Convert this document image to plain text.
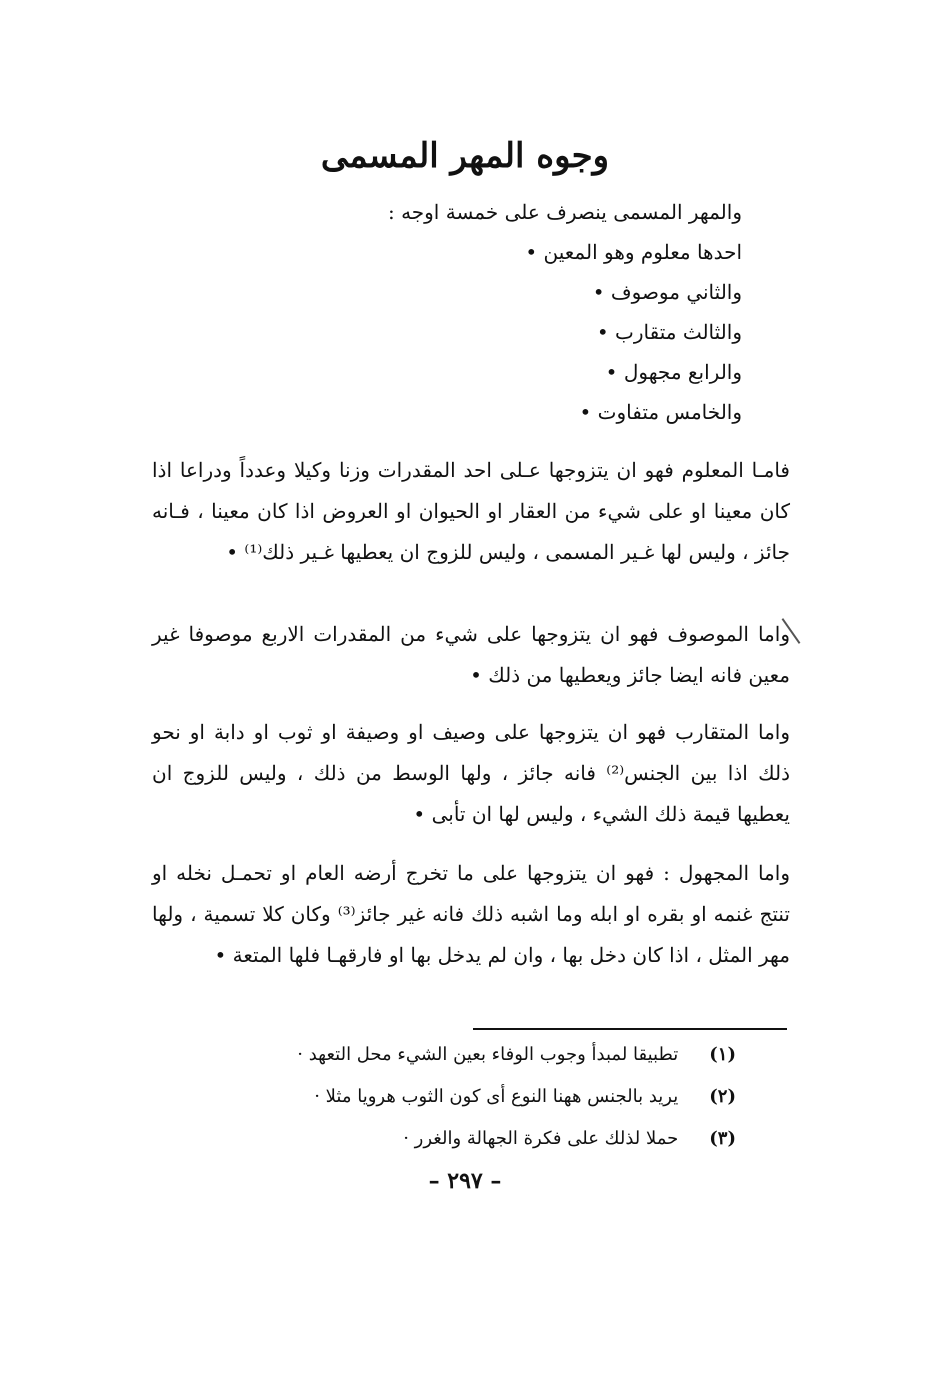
وجوه المهر المسمى
والمهر المسمى ينصرف على خمسة اوجه :
احدها معلوم وهو المعين •
والثاني موصوف •
والثالث متقارب •
والرابع مجهول •
والخامس متفاوت •
فامـا المعلوم فهو ان يتزوجها عـلى احد المقدرات وزنا وكيلا وعدداً ودراعا اذا كان معينا او على شيء من العقار او الحيوان او العروض اذا كان معينا ، فـانه جائز ، وليس لها غـير المسمى ، وليس للزوج ان يعطيها غـير ذلك⁽¹⁾ •
واما الموصوف فهو ان يتزوجها على شيء من المقدرات الاربع موصوفا غير معين فانه ايضا جائز ويعطيها من ذلك •
واما المتقارب فهو ان يتزوجها على وصيف او وصيفة او ثوب او دابة او نحو ذلك اذا بين الجنس⁽²⁾ فانه جائز ، ولها الوسط من ذلك ، وليس للزوج ان يعطيها قيمة ذلك الشيء ، وليس لها ان تأبى •
واما المجهول : فهو ان يتزوجها على ما تخرج أرضه العام او تحمـل نخله او تنتج غنمه او بقره او ابله وما اشبه ذلك فانه غير جائز⁽³⁾ وكان كلا تسمية ، ولها مهر المثل ، اذا كان دخل بها ، وان لم يدخل بها او فارقهـا فلها المتعة •
(١) تطبيقا لمبدأ وجوب الوفاء بعين الشيء محل التعهد ·
(٢) يريد بالجنس ههنا النوع أى كون الثوب هرويا مثلا ·
(٣) حملا لذلك على فكرة الجهالة والغرر ·
– ٢٩٧ –
